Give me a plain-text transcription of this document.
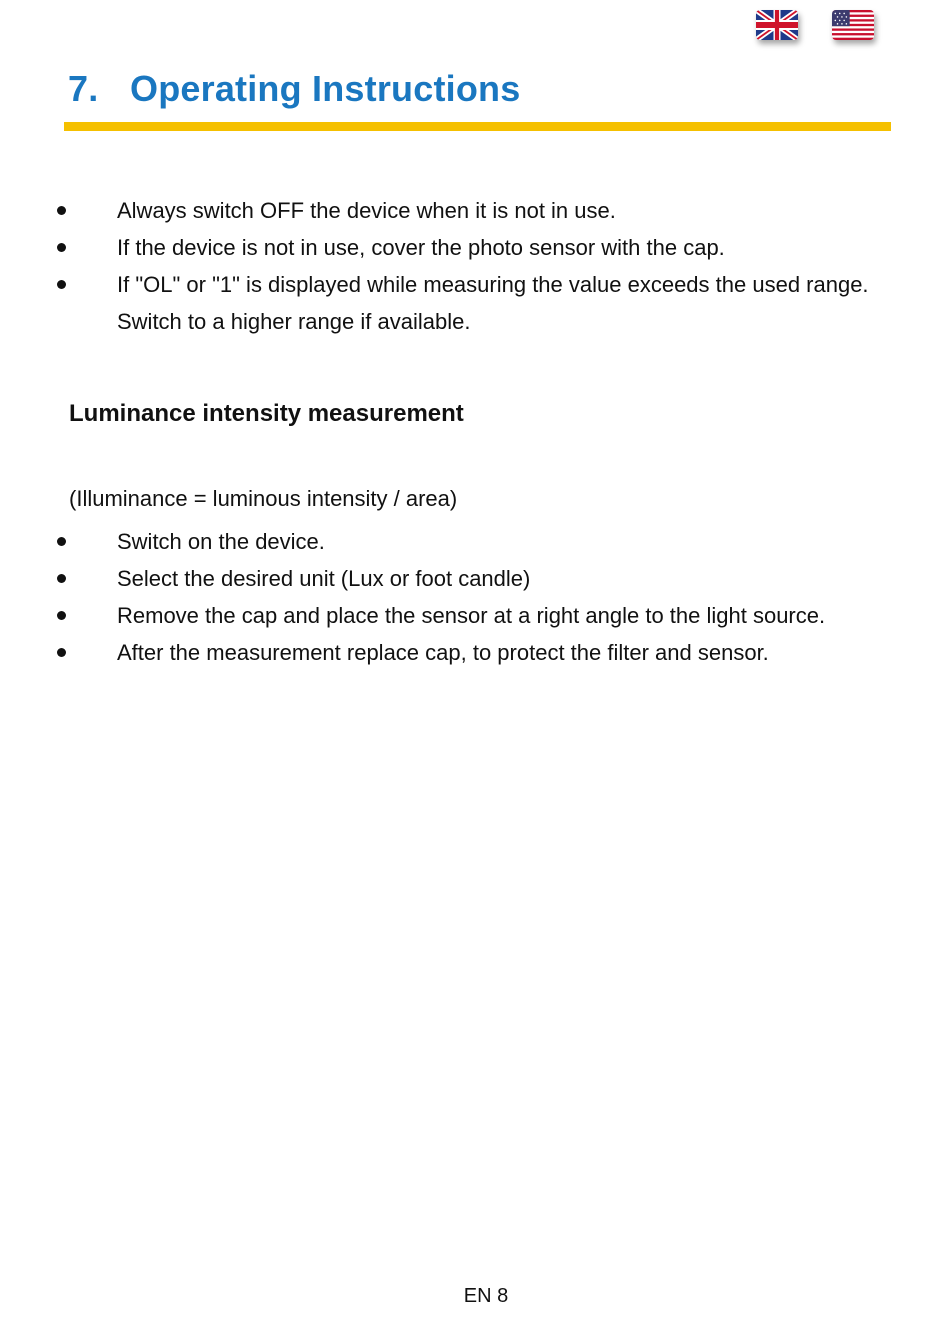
7. Operating Instructions
Always switch OFF the device when it is not in use.
If the device is not in use, cover the photo sensor with the cap.
If "OL" or "1" is displayed while measuring the value exceeds the used range. Switch to a higher range if available.
Luminance intensity measurement

(Illuminance = luminous intensity / area)

Switch on the device.
Select the desired unit (Lux or foot candle)
Remove the cap and place the sensor at a right angle to the light source.
After the measurement replace cap, to protect the filter and sensor.
EN 8
